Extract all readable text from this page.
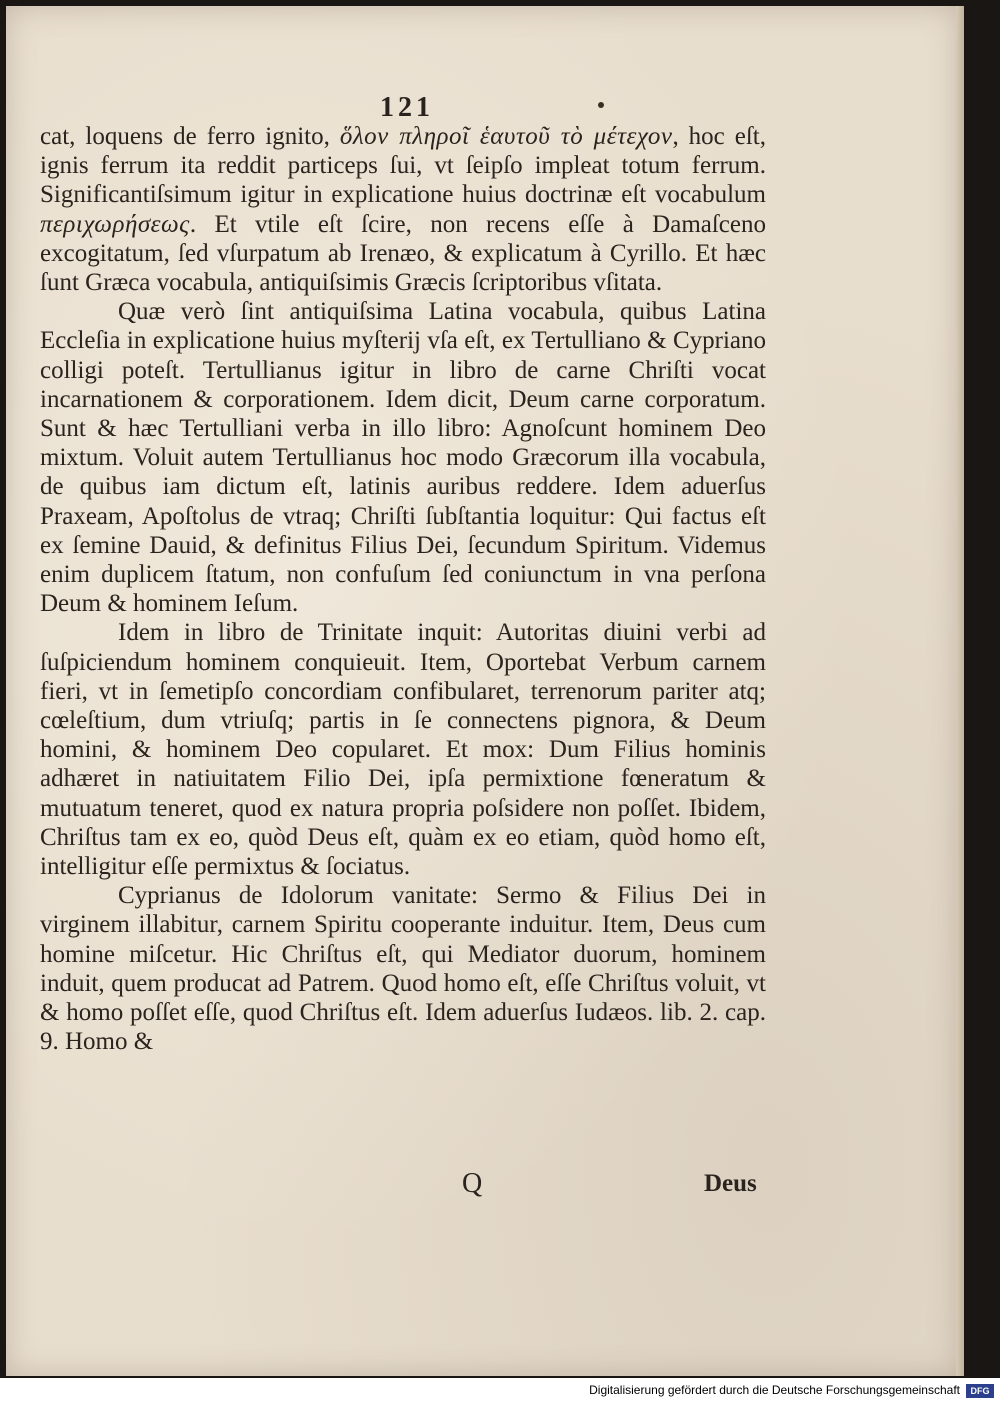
121

cat, loquens de ferro ignito, ὅλον πληροῖ ἑαυτοῦ τὸ μέτεχον, hoc eſt, ignis ferrum ita reddit particeps ſui, vt ſeipſo impleat totum ferrum. Significantiſsimum igitur in explicatione huius doctrinæ eſt vocabulum περιχωρήσεως. Et vtile eſt ſcire, non recens eſſe à Damaſceno excogitatum, ſed vſurpatum ab Irenæo, & explicatum à Cyrillo. Et hæc ſunt Græca vocabula, antiquiſsimis Græcis ſcriptoribus vſitata.

Quæ verò ſint antiquiſsima Latina vocabula, quibus Latina Eccleſia in explicatione huius myſterij vſa eſt, ex Tertulliano & Cypriano colligi poteſt. Tertullianus igitur in libro de carne Chriſti vocat incarnationem & corporationem. Idem dicit, Deum carne corporatum. Sunt & hæc Tertulliani verba in illo libro: Agnoſcunt hominem Deo mixtum. Voluit autem Tertullianus hoc modo Græcorum illa vocabula, de quibus iam dictum eſt, latinis auribus reddere. Idem aduerſus Praxeam, Apoſtolus de vtraq; Chriſti ſubſtantia loquitur: Qui factus eſt ex ſemine Dauid, & definitus Filius Dei, ſecundum Spiritum. Videmus enim duplicem ſtatum, non confuſum ſed coniunctum in vna perſona Deum & hominem Ieſum.

Idem in libro de Trinitate inquit: Autoritas diuini verbi ad ſuſpiciendum hominem conquieuit. Item, Oportebat Verbum carnem fieri, vt in ſemetipſo concordiam confibularet, terrenorum pariter atq; cœleſtium, dum vtriuſq; partis in ſe connectens pignora, & Deum homini, & hominem Deo copularet. Et mox: Dum Filius hominis adhæret in natiuitatem Filio Dei, ipſa permixtione fœneratum & mutuatum teneret, quod ex natura propria poſsidere non poſſet. Ibidem, Chriſtus tam ex eo, quòd Deus eſt, quàm ex eo etiam, quòd homo eſt, intelligitur eſſe permixtus & ſociatus.

Cyprianus de Idolorum vanitate: Sermo & Filius Dei in virginem illabitur, carnem Spiritu cooperante induitur. Item, Deus cum homine miſcetur. Hic Chriſtus eſt, qui Mediator duorum, hominem induit, quem producat ad Patrem. Quod homo eſt, eſſe Chriſtus voluit, vt & homo poſſet eſſe, quod Chriſtus eſt. Idem aduerſus Iudæos. lib. 2. cap. 9. Homo &

Q	Deus
Digitalisierung gefördert durch die Deutsche Forschungsgemeinschaft	DFG
